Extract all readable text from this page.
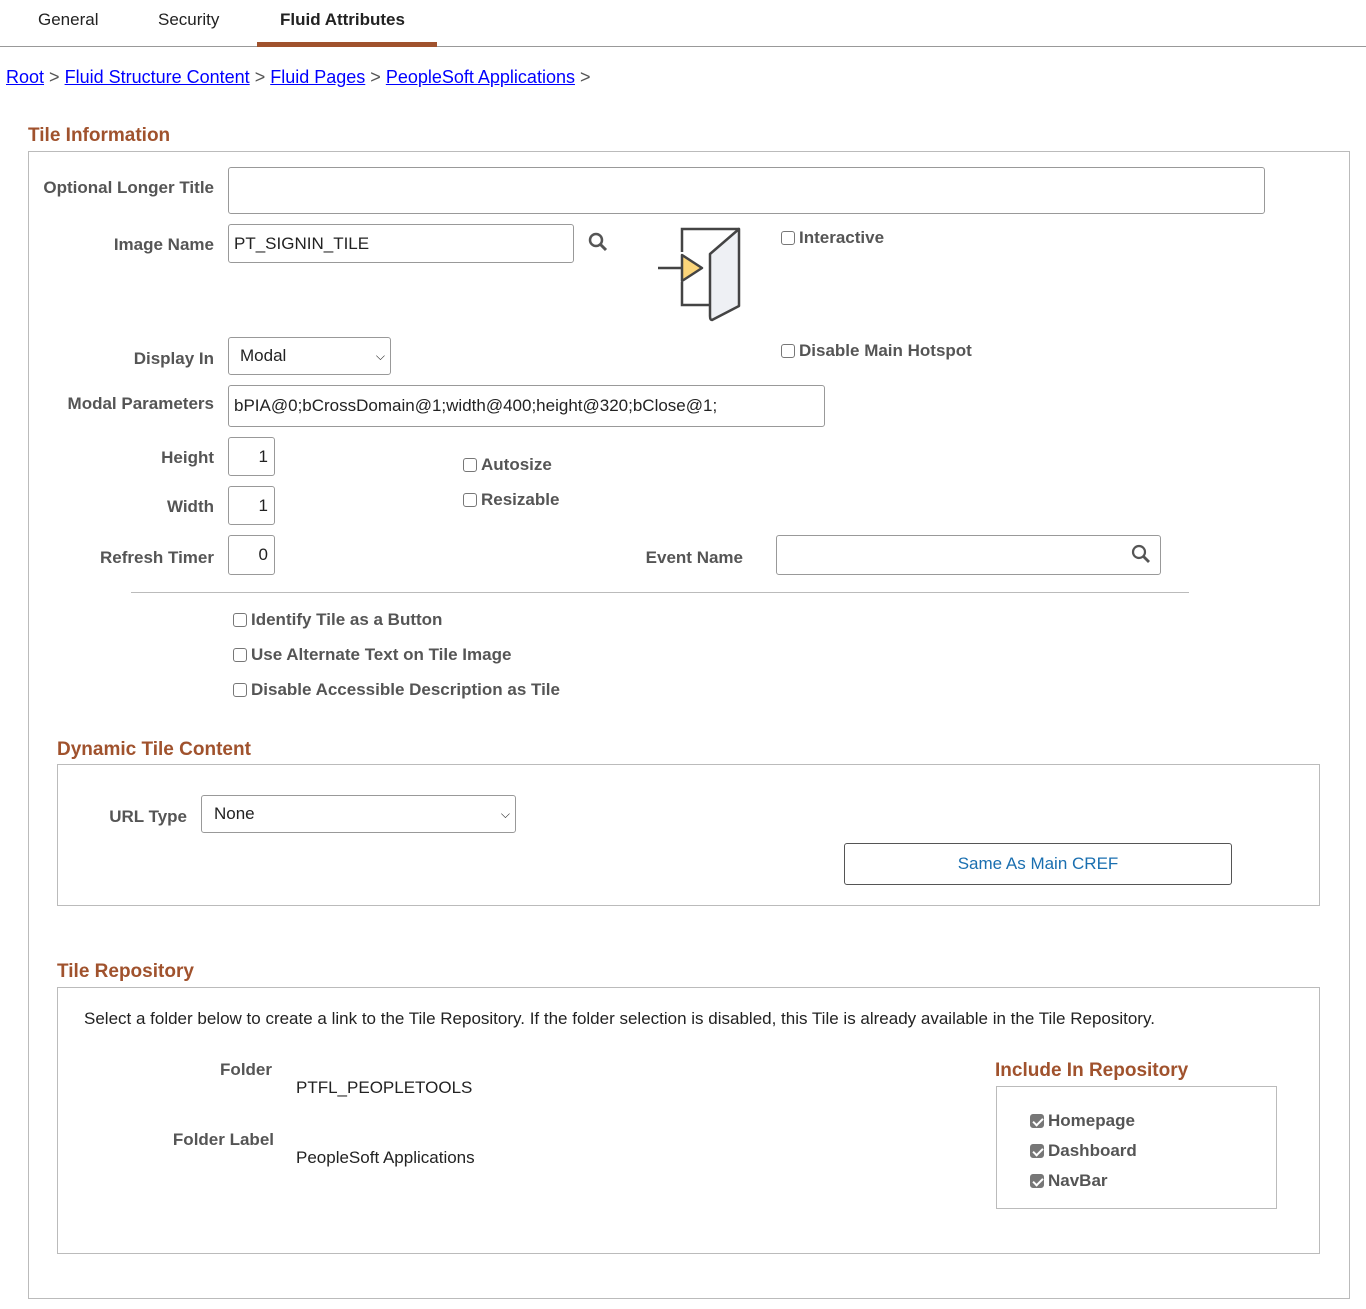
General	Security	Fluid Attributes
Root > Fluid Structure Content > Fluid Pages > PeopleSoft Applications >
Tile Information
Optional Longer Title
Image Name	PT_SIGNIN_TILE	Interactive
Display In Modal	⌵	Disable Main Hotspot
Modal Parameters	bPIA@0;bCrossDomain@1;width@400;height@320;bClose@1;
Height	1	Autosize
Width	1	Resizable
Refresh Timer	0	Event Name
Identify Tile as a Button
Use Alternate Text on Tile Image
Disable Accessible Description as Tile
Dynamic Tile Content
URL Type None	⌵
Same As Main CREF
Tile Repository
Select a folder below to create a link to the Tile Repository. If the folder selection is disabled, this Tile is already available in the Tile Repository.
Folder
PTFL_PEOPLETOOLS
Folder Label
PeopleSoft Applications
Include In Repository
Homepage
Dashboard
NavBar
